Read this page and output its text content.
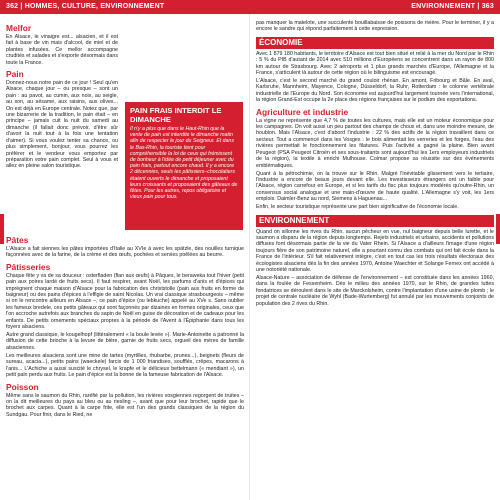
362 | HOMMES, CULTURE, ENVIRONNEMENT	ENVIRONNEMENT | 363
Melfor

En Alsace, le vinaigre est... alsacien, et il est fait à base de vin mais d'alcool, de miel et de plantes infusées. Ce mellor accompagne crudités et salades et s'exporte désormais dans toute la France.

Pain

Donnez-nous notre pain de ce jour ! Seul qu'en Alsace, chaque jour – ou presque – sont un pain : au pavot, au cumin, aux noix, au seigle, au son, au sésame, aux raisins, aux olives... On est déjà en Europe centrale. Notez que, par une bizarrerie de la tradition, le pain était – en principe – jamais cuit la nuit du samedi au dimanche (il fallait donc prévoir, d'être sûr d'avoir la nuit tout à la fois une tentation d'aimer). Si vous voulez tenter sa chance, ou plus simplement, bonjour, vous pourrez les préférer et le vendeur vous emportez par préparation votre pain complet. Seul à vous et allez en pleine salon touristique.

PAIN FRAIS INTERDIT LE DIMANCHE
Il n'y a plus que dans le Haut-Rhin que la vente de pain est interdite le dimanche matin afin de respecter le jour du Seigneur. Et dans le Bas-Rhin, la touriste tient pour compréhensible la loi de ceux qui frémissent de bonheur à l'idée de petit déjeuner avec du pain frais, partout encore chaud. Il y a encore 2 décennies, seuls les pâtissiers–chocolatiers étaient ouverts le dimanche et proposaient leurs croissants et proposaient des gâteaux de fêtes. Pour les autres, repos obligatoire et vieux pain pour tous.
Pâtes

L'Alsace a fait siennes les pâtes importées d'Italie au XVIe à avec les spätzle, des nouilles turnique façonnées avec de la farine, de la crème et des œufs, pochées et servies poêlées au beurre.

Pâtisseries

Chaque fête y va de sa douceur : osterfladen (flan aux œufs) à Pâques, le beraweka tout l'hiver (petit pain aux poires lardé de fruits secs). Il faut respirer, avant Noël, les parfums d'anis et d'épices qui imprègnent chaque maison d'Alsace pour la fabrication des christstolle (pain aux fruits en forme de baigneur) ou des pains d'épices à l'effigie de saint Nicolas. Un vrai classique strasbourgeois – même si on le rencontre ailleurs en Alsace –, ce pain d'épice (ou lebkuche) appelé au XVe s. Sans oublier les fameux bredele, ces petits gâteaux qui sont façonnés par dizaines en formes originales, ceux que l'on accroche autrefois aux branches du sapin de Noël en guise de décoration et de cadeaux pour les enfants. De petits ornements spéciaux propres à la période de l'Avent à l'Épiphanie dans tous les foyers alsaciens.

Autre grand classique, le kougelhopf (littéralement « la boule levée »). Marie-Antoinette a patronné la diffusion de cette brioche à la levure de bière, garnie de fruits secs, orgueil des mères de famille alsaciennes.

Les meilleures alsaciens sont une mine de tartes (myrtilles, rhubarbe, prunes...), beignets (fleurs de sureau, acacia...), petits pains (waeckele) farcis de 1 000 friandises, soufflés, crêpes, macarons à l'anis... L'Achiche a aussi suscité le chrysel, le krapfe et le délicieux bettelmann (« mendiant »), un petit pain perdu aux fruits. Le pain d'épice est la bonne de la fameuse fabrication de l'Alsace.

Poisson

Même sans le saumon du Rhin, raréfié par la pollution, les rivières vosgiennes regorgent de truites – on la dit meilleures du pays au bleu ou au riesling –, avant que pour leur brochet, rapide que le brochet aux carpes. Quant à la carpe frite, elle est l'un des grands classiques de la région du Sundgau. Pour finir, dans le Ried, ne

pas manquer la matelote, une succulente bouillabaisse de poissons de rivière. Pour le terminer, il y a encore le sandre qui répond parfaitement à cette expression.

ÉCONOMIE

Avec 1 879 180 habitants, le territoire d'Alsace est tout bien situé et relié à la mer du Nord par le Rhin : 5 % du PIB d'autant de 2014 avec 510 millions d'Européens se concentrent dans un rayon de 800 km autour de Strasbourg. Avec 2 aéroports et 1 plus grands marchés d'Europe, l'Allemagne et la France, s'articulent là autour de cette région où le bilinguisme est encouragé.

L'Alsace, c'est le second marché du grand couloir rhénan. En amont, Fribourg et Bâle. En aval, Karlsruhe, Mannheim, Mayence, Cologne, Düsseldorf, la Ruhr, Rotterdam : le colonne vertébrale industrielle de l'Europe du Nord. Son économie est aujourd'hui largement tournée vers l'international, la région Grand-Est occupe la 2e place des régions françaises sur le podium des exportations.

Agriculture et industrie

La vigne ne représente que 4,7 % de toutes les cultures, mais elle est un moteur économique pour les campagnes. On voit aussi un peu partout des champs de choux et, dans une moindre mesure, de houblon. Mais l'Alsace, c'est d'abord l'industrie : 22 % des actifs de la région travaillent dans ce secteur. Tout a commencé dans les Vosges : le bois alimentait les verreries et les forges, l'eau des rivières permettait le fonctionnement les filatures. Puis l'activité a gagné la plaine. Bien avant Peugeot (PSA Peugeot Citroën et ses sous-traitants sont aujourd'hui les 1ers employeurs industriels de la région), la textile à enrichi Mulhouse. Colmar propose sa réussite sur des événements emblématiques.

Quant à la pétrochimie, on la trouve sur le Rhin. Malgré l'inévitable glissement vers le tertiaire, l'industrie a encore de beaux jours devant elle. Les investisseurs étrangers ont un faible pour l'Alsace, région carrefour en Europe, et si les tarifs du fisc plus toujours modérés qu'outre-Rhin, un consensus social analogue et une main-d'œuvre de haute qualité. L'Allemagne s'y voit, les 1ers emplois: Daimler-Benz au nord, Siemens à Haguenau...

Enfin, le secteur touristique représente une part bien significative de l'économie locale.

ENVIRONNEMENT

Quand on sillonne les rives du Rhin, aucun pêcheur en vue, nul baigneur depuis belle lurette, et le saumon a disparu de la région depuis longtemps. Rejets industriels et urbains, accidents et pollutions diffuses font désormais partie de la vie du Vater Rhein. Si l'Alsace a d'ailleurs l'image d'une région toujours fière de son patrimoine naturel, elle a pourtant connu des combats qui ont fait école dans la France de l'intérieur. S'il fait relativement intègre, c'est en tout cas les trois résultats électoraux des écologistes alsaciens dès la fin des années 1970, Antoine Waechter et Solange Fernex ont accédé à une notoriété nationale.

Alsace-Nature – association de défense de l'environnement – est constituée dans les années 1960, dans la foulée de Fessenheim. Dès le milieu des années 1970, sur le Rhin, de grandes luttes fondatrices se déroulent dans le site de Marckolsheim, contre l'implantation d'une usine de plomb ; le projet de centrale nucléaire de Wyhl (Bade-Wurtemberg) fut annulé par les mouvements conjoints de population des 2 rives du Rhin.
